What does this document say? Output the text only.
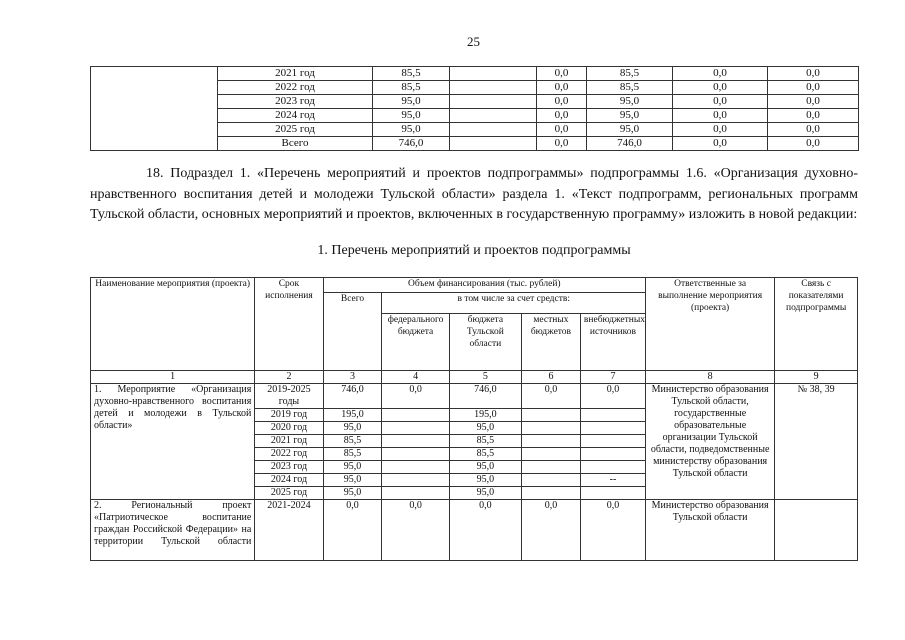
25
	2021 год	85,5		0,0	85,5	0,0	0,0
	2022 год	85,5		0,0	85,5	0,0	0,0
	2023 год	95,0		0,0	95,0	0,0	0,0
	2024 год	95,0		0,0	95,0	0,0	0,0
	2025 год	95,0		0,0	95,0	0,0	0,0
	Всего	746,0		0,0	746,0	0,0	0,0
18. Подраздел 1. «Перечень мероприятий и проектов подпрограммы» подпрограммы 1.6. «Организация духовно-нравственного воспитания детей и молодежи Тульской области» раздела 1. «Текст подпрограмм, региональных программ Тульской области, основных мероприятий и проектов, включенных в государственную программу» изложить в новой редакции:
1. Перечень мероприятий и проектов подпрограммы
Наименование мероприятия (проекта)	Срок исполнения	Объем финансирования (тыс. рублей)					Ответственные за выполнение мероприятия (проекта)	Связь с показателями подпрограммы
		Всего	в том числе за счет средств:					
			федерального бюджета	бюджета Тульской области	местных бюджетов	внебюджетных источников		
1	2	3	4	5	6	7	8	9
1. Мероприятие «Организация духовно-нравственного воспитания детей и молодежи в Тульской области»	2019-2025 годы	746,0	0,0	746,0	0,0	0,0	Министерство образования Тульской области, государственные образовательные организации Тульской области, подведомственные министерству образования Тульской области	№ 38, 39
	2019 год	195,0		195,0				
	2020 год	95,0		95,0				
	2021 год	85,5		85,5				
	2022 год	85,5		85,5				
	2023 год	95,0		95,0				
	2024 год	95,0		95,0		--		
	2025 год	95,0		95,0				
2. Региональный проект «Патриотическое воспитание граждан Российской Федерации» на территории Тульской области	2021-2024	0,0	0,0	0,0	0,0	0,0	Министерство образования Тульской области	
